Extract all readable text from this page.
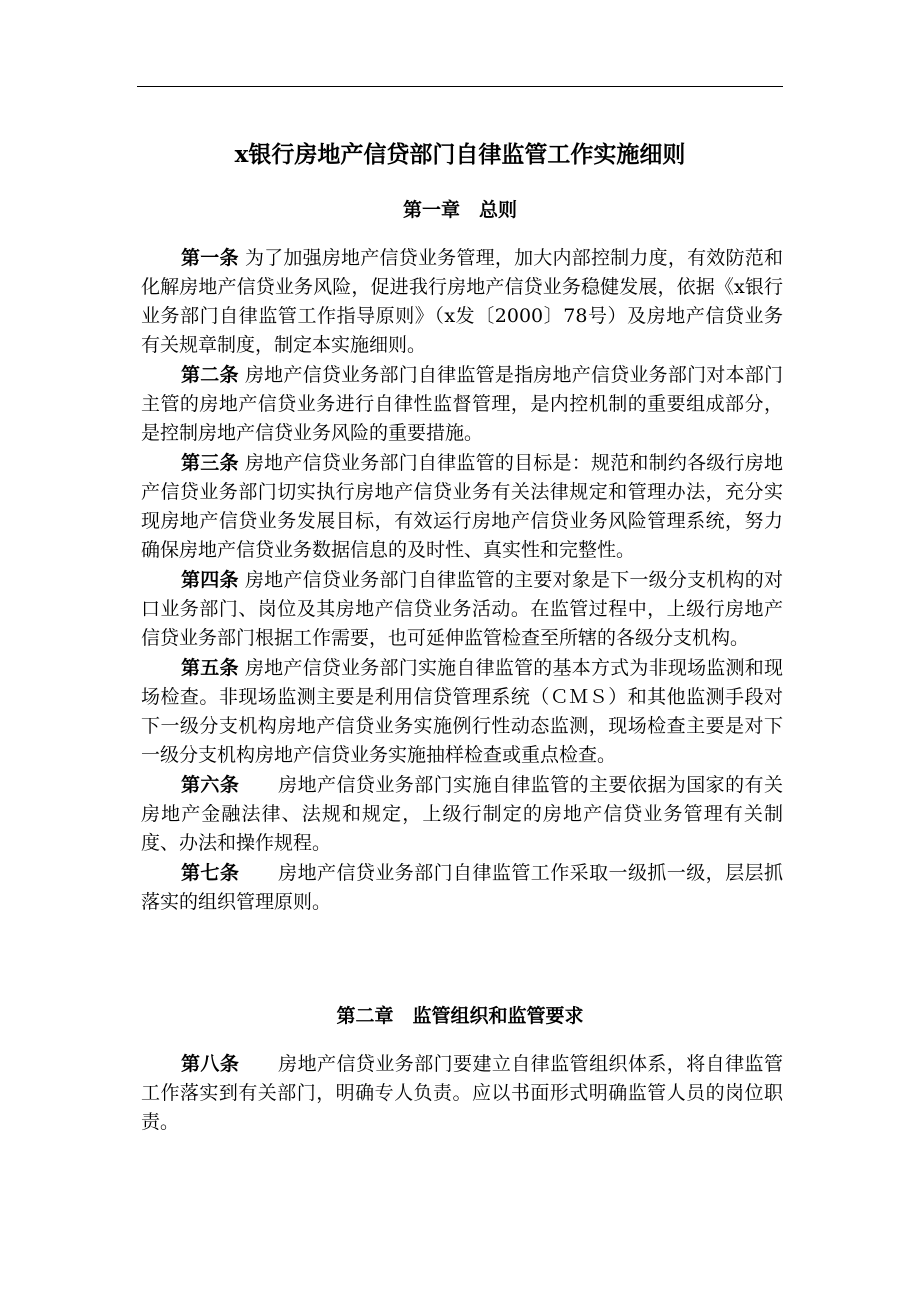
x银行房地产信贷部门自律监管工作实施细则
第一章　总则

第一条 为了加强房地产信贷业务管理，加大内部控制力度，有效防范和化解房地产信贷业务风险，促进我行房地产信贷业务稳健发展，依据《x银行业务部门自律监管工作指导原则》（x发〔2000〕78号）及房地产信贷业务有关规章制度，制定本实施细则。

第二条 房地产信贷业务部门自律监管是指房地产信贷业务部门对本部门主管的房地产信贷业务进行自律性监督管理，是内控机制的重要组成部分，是控制房地产信贷业务风险的重要措施。

第三条 房地产信贷业务部门自律监管的目标是：规范和制约各级行房地产信贷业务部门切实执行房地产信贷业务有关法律规定和管理办法，充分实现房地产信贷业务发展目标，有效运行房地产信贷业务风险管理系统，努力确保房地产信贷业务数据信息的及时性、真实性和完整性。

第四条 房地产信贷业务部门自律监管的主要对象是下一级分支机构的对口业务部门、岗位及其房地产信贷业务活动。在监管过程中，上级行房地产信贷业务部门根据工作需要，也可延伸监管检查至所辖的各级分支机构。

第五条 房地产信贷业务部门实施自律监管的基本方式为非现场监测和现场检查。非现场监测主要是利用信贷管理系统（ＣＭＳ）和其他监测手段对下一级分支机构房地产信贷业务实施例行性动态监测，现场检查主要是对下一级分支机构房地产信贷业务实施抽样检查或重点检查。

第六条　　 房地产信贷业务部门实施自律监管的主要依据为国家的有关房地产金融法律、法规和规定，上级行制定的房地产信贷业务管理有关制度、办法和操作规程。

第七条　　 房地产信贷业务部门自律监管工作采取一级抓一级，层层抓落实的组织管理原则。

第二章　监管组织和监管要求

第八条　　 房地产信贷业务部门要建立自律监管组织体系，将自律监管工作落实到有关部门，明确专人负责。应以书面形式明确监管人员的岗位职责。
